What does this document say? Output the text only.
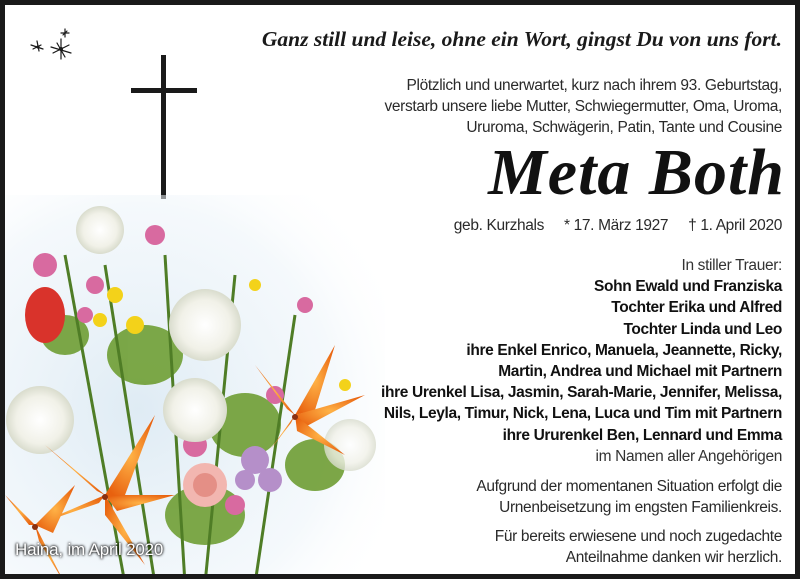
Haina, im April 2020
Ganz still und leise, ohne ein Wort, gingst Du von uns fort.
Plötzlich und unerwartet, kurz nach ihrem 93. Geburtstag,
verstarb unsere liebe Mutter, Schwiegermutter, Oma, Uroma,
Ururoma, Schwägerin, Patin, Tante und Cousine
Meta Both
geb. Kurzhals * 17. März 1927 † 1. April 2020
In stiller Trauer:
Sohn Ewald und Franziska
Tochter Erika und Alfred
Tochter Linda und Leo
ihre Enkel Enrico, Manuela, Jeannette, Ricky,
Martin, Andrea und Michael mit Partnern
ihre Urenkel Lisa, Jasmin, Sarah-Marie, Jennifer, Melissa,
Nils, Leyla, Timur, Nick, Lena, Luca und Tim mit Partnern
ihre Ururenkel Ben, Lennard und Emma
im Namen aller Angehörigen
Aufgrund der momentanen Situation erfolgt die
Urnenbeisetzung im engsten Familienkreis.
Für bereits erwiesene und noch zugedachte
Anteilnahme danken wir herzlich.
